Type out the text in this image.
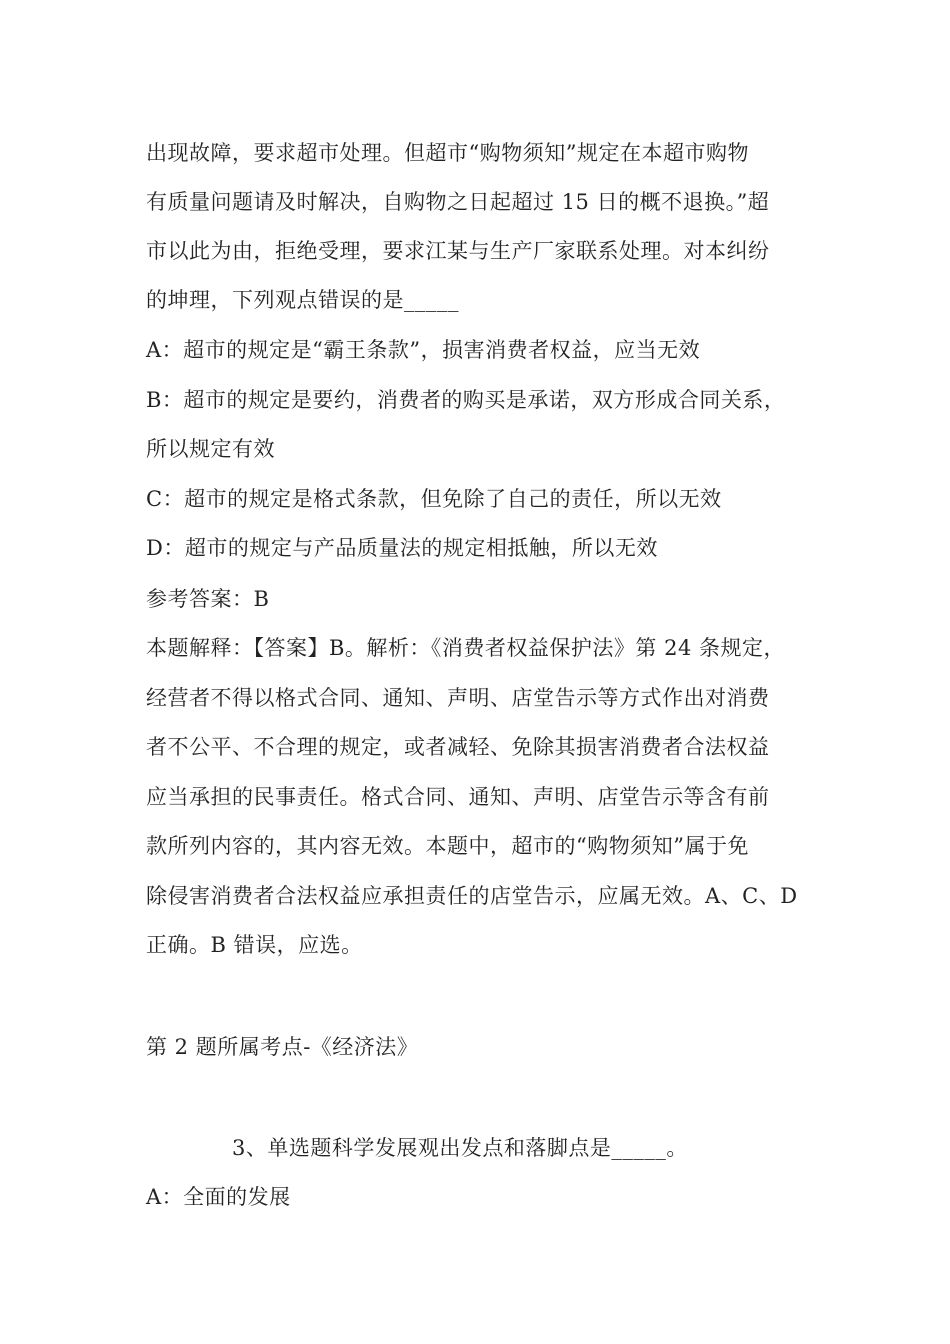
出现故障，要求超市处理。但超市“购物须知”规定在本超市购物
有质量问题请及时解决，自购物之日起超过 15 日的概不退换。”超
市以此为由，拒绝受理，要求江某与生产厂家联系处理。对本纠纷
的坤理，下列观点错误的是_____
A：超市的规定是“霸王条款”，损害消费者权益，应当无效
B：超市的规定是要约，消费者的购买是承诺，双方形成合同关系，
所以规定有效
C：超市的规定是格式条款，但免除了自己的责任，所以无效
D：超市的规定与产品质量法的规定相抵触，所以无效
参考答案：B
本题解释：【答案】B。解析：《消费者权益保护法》第 24 条规定，
经营者不得以格式合同、通知、声明、店堂告示等方式作出对消费
者不公平、不合理的规定，或者减轻、免除其损害消费者合法权益
应当承担的民事责任。格式合同、通知、声明、店堂告示等含有前
款所列内容的，其内容无效。本题中，超市的“购物须知”属于免
除侵害消费者合法权益应承担责任的店堂告示，应属无效。A、C、D
正确。B 错误，应选。
第 2 题所属考点-《经济法》
3、单选题科学发展观出发点和落脚点是_____。
A：全面的发展
